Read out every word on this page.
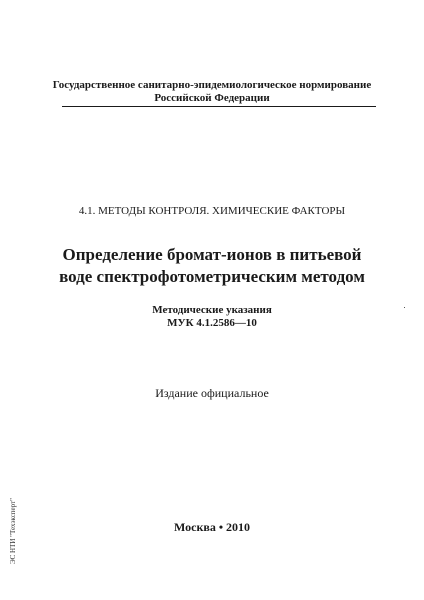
Государственное санитарно-эпидемиологическое нормирование
Российской Федерации
4.1. МЕТОДЫ КОНТРОЛЯ. ХИМИЧЕСКИЕ ФАКТОРЫ
Определение бромат-ионов в питьевой
воде спектрофотометрическим методом
Методические указания
МУК 4.1.2586—10
Издание официальное
Москва • 2010
ЭС НТИ "Техэксперт"
